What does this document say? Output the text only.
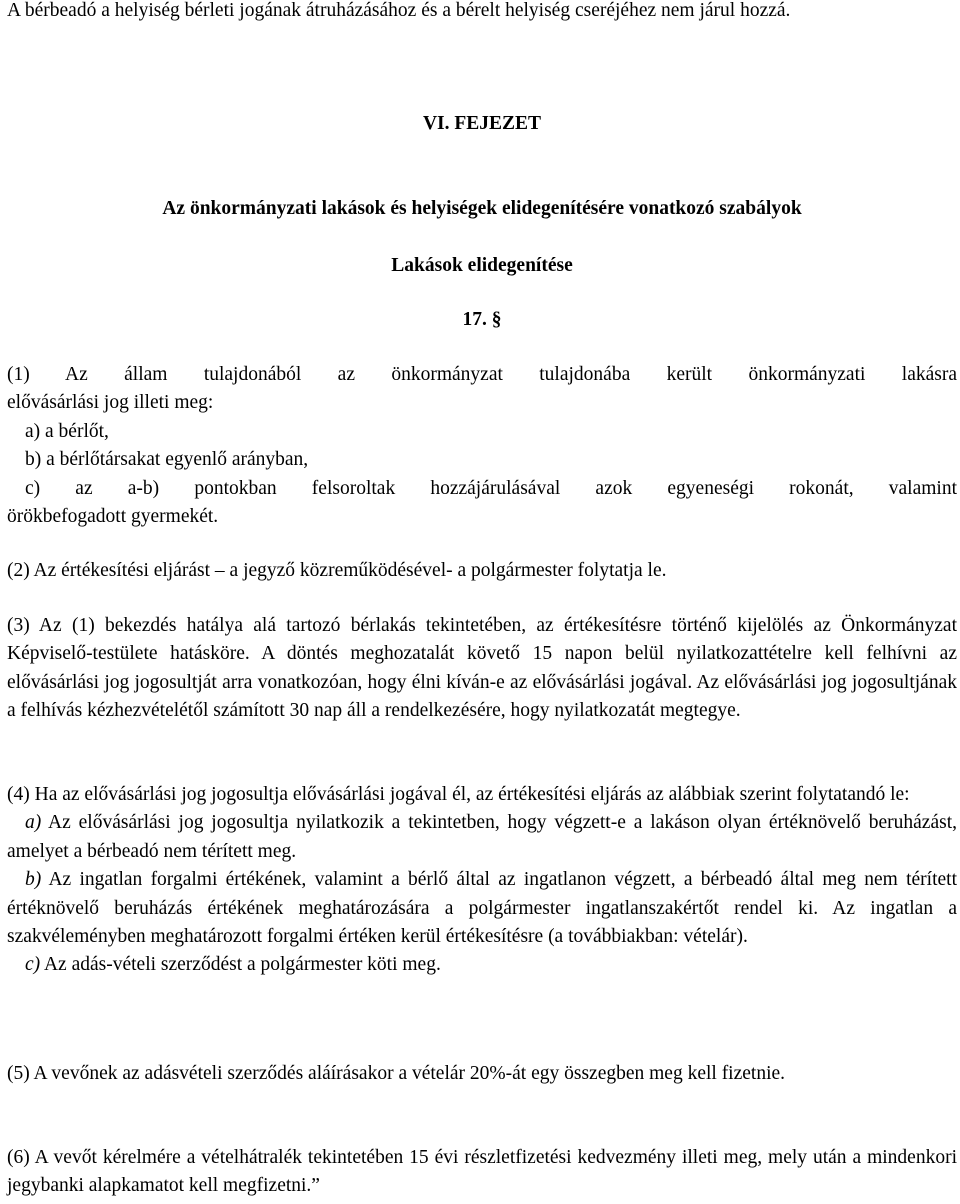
A bérbeadó a helyiség bérleti jogának átruházásához és a bérelt helyiség cseréjéhez nem járul hozzá.
VI. FEJEZET
Az önkormányzati lakások és helyiségek elidegenítésére vonatkozó szabályok
Lakások elidegenítése
17. §
(1) Az állam tulajdonából az önkormányzat tulajdonába került önkormányzati lakásra
elővásárlási jog illeti meg:
a) a bérlőt,
b) a bérlőtársakat egyenlő arányban,
c) az a-b) pontokban felsoroltak hozzájárulásával azok egyeneségi rokonát, valamint
örökbefogadott gyermekét.
(2) Az értékesítési eljárást – a jegyző közreműködésével- a polgármester folytatja le.
(3) Az (1) bekezdés hatálya alá tartozó bérlakás tekintetében, az értékesítésre történő kijelölés az Önkormányzat Képviselő-testülete hatásköre. A döntés meghozatalát követő 15 napon belül nyilatkozattételre kell felhívni az elővásárlási jog jogosultját arra vonatkozóan, hogy élni kíván-e az elővásárlási jogával. Az elővásárlási jog jogosultjának a felhívás kézhezvételétől számított 30 nap áll a rendelkezésére, hogy nyilatkozatát megtegye.
(4) Ha az elővásárlási jog jogosultja elővásárlási jogával él, az értékesítési eljárás az alábbiak szerint folytatandó le:
a) Az elővásárlási jog jogosultja nyilatkozik a tekintetben, hogy végzett-e a lakáson olyan értéknövelő beruházást, amelyet a bérbeadó nem térített meg.
b) Az ingatlan forgalmi értékének, valamint a bérlő által az ingatlanon végzett, a bérbeadó által meg nem térített értéknövelő beruházás értékének meghatározására a polgármester ingatlanszakértőt rendel ki. Az ingatlan a szakvéleményben meghatározott forgalmi értéken kerül értékesítésre (a továbbiakban: vételár).
c) Az adás-vételi szerződést a polgármester köti meg.
(5) A vevőnek az adásvételi szerződés aláírásakor a vételár 20%-át egy összegben meg kell fizetnie.
(6) A vevőt kérelmére a vételhátralék tekintetében 15 évi részletfizetési kedvezmény illeti meg, mely után a mindenkori jegybanki alapkamatot kell megfizetni.”
